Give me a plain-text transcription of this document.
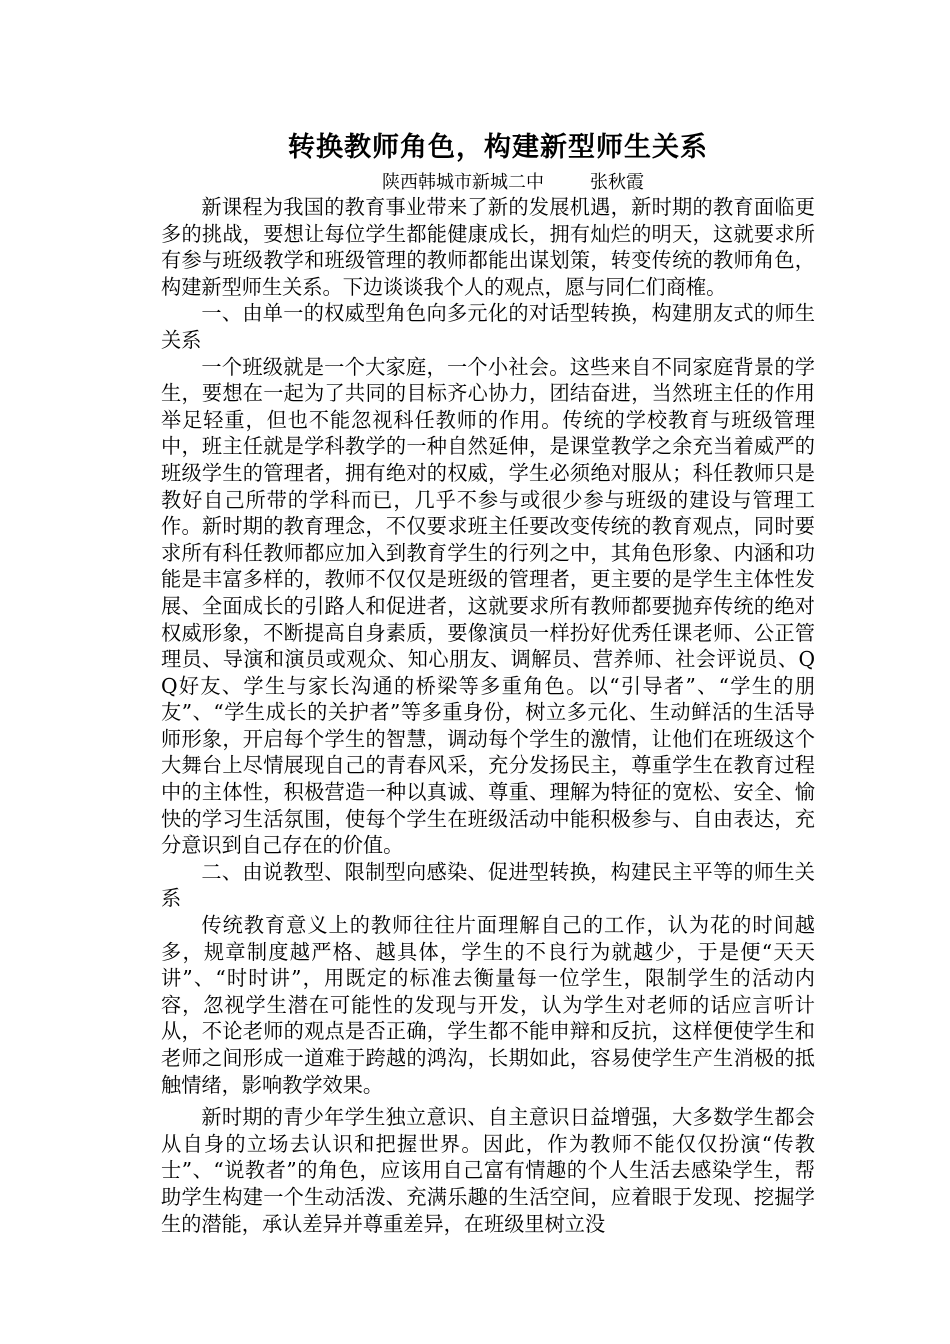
转换教师角色，构建新型师生关系
陕西韩城市新城二中	张秋霞

新课程为我国的教育事业带来了新的发展机遇，新时期的教育面临更多的挑战，要想让每位学生都能健康成长，拥有灿烂的明天，这就要求所有参与班级教学和班级管理的教师都能出谋划策，转变传统的教师角色，构建新型师生关系。下边谈谈我个人的观点，愿与同仁们商榷。

一、由单一的权威型角色向多元化的对话型转换，构建朋友式的师生关系

一个班级就是一个大家庭，一个小社会。这些来自不同家庭背景的学生，要想在一起为了共同的目标齐心协力，团结奋进，当然班主任的作用举足轻重，但也不能忽视科任教师的作用。传统的学校教育与班级管理中，班主任就是学科教学的一种自然延伸，是课堂教学之余充当着威严的班级学生的管理者，拥有绝对的权威，学生必须绝对服从；科任教师只是教好自己所带的学科而已，几乎不参与或很少参与班级的建设与管理工作。新时期的教育理念，不仅要求班主任要改变传统的教育观点，同时要求所有科任教师都应加入到教育学生的行列之中，其角色形象、内涵和功能是丰富多样的，教师不仅仅是班级的管理者，更主要的是学生主体性发展、全面成长的引路人和促进者，这就要求所有教师都要抛弃传统的绝对权威形象，不断提高自身素质，要像演员一样扮好优秀任课老师、公正管理员、导演和演员或观众、知心朋友、调解员、营养师、社会评说员、QQ好友、学生与家长沟通的桥梁等多重角色。以“引导者”、“学生的朋友”、“学生成长的关护者”等多重身份，树立多元化、生动鲜活的生活导师形象，开启每个学生的智慧，调动每个学生的激情，让他们在班级这个大舞台上尽情展现自己的青春风采，充分发扬民主，尊重学生在教育过程中的主体性，积极营造一种以真诚、尊重、理解为特征的宽松、安全、愉快的学习生活氛围，使每个学生在班级活动中能积极参与、自由表达，充分意识到自己存在的价值。

二、由说教型、限制型向感染、促进型转换，构建民主平等的师生关系

传统教育意义上的教师往往片面理解自己的工作，认为花的时间越多，规章制度越严格、越具体，学生的不良行为就越少，于是便“天天讲”、“时时讲”，用既定的标准去衡量每一位学生，限制学生的活动内容，忽视学生潜在可能性的发现与开发，认为学生对老师的话应言听计从，不论老师的观点是否正确，学生都不能申辩和反抗，这样便使学生和老师之间形成一道难于跨越的鸿沟，长期如此，容易使学生产生消极的抵触情绪，影响教学效果。

新时期的青少年学生独立意识、自主意识日益增强，大多数学生都会从自身的立场去认识和把握世界。因此，作为教师不能仅仅扮演“传教士”、“说教者”的角色，应该用自己富有情趣的个人生活去感染学生，帮助学生构建一个生动活泼、充满乐趣的生活空间，应着眼于发现、挖掘学生的潜能，承认差异并尊重差异，在班级里树立没
